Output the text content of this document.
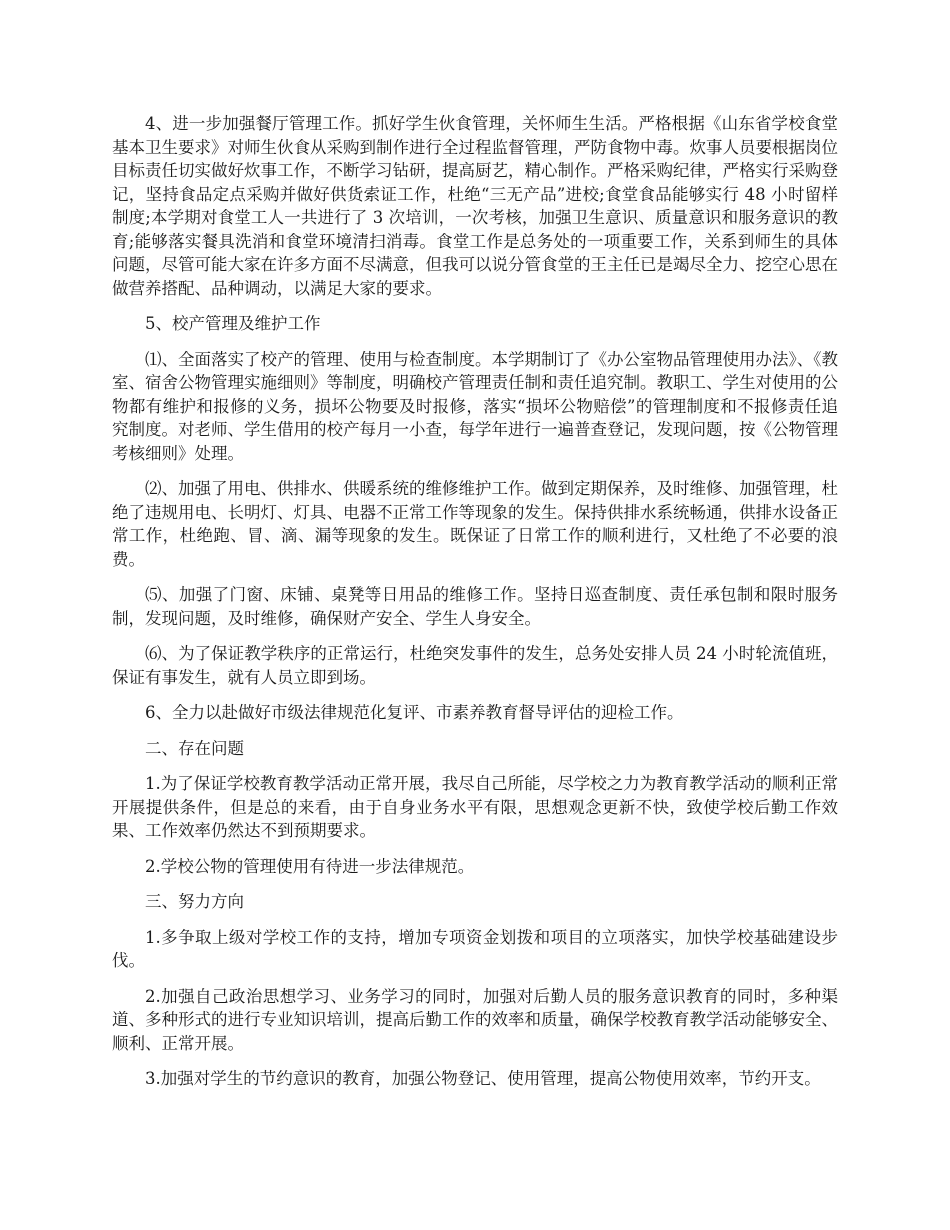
4、进一步加强餐厅管理工作。抓好学生伙食管理，关怀师生生活。严格根据《山东省学校食堂基本卫生要求》对师生伙食从采购到制作进行全过程监督管理，严防食物中毒。炊事人员要根据岗位目标责任切实做好炊事工作，不断学习钻研，提高厨艺，精心制作。严格采购纪律，严格实行采购登记，坚持食品定点采购并做好供货索证工作，杜绝“三无产品”进校;食堂食品能够实行 48 小时留样制度;本学期对食堂工人一共进行了 3 次培训，一次考核，加强卫生意识、质量意识和服务意识的教育;能够落实餐具洗消和食堂环境清扫消毒。食堂工作是总务处的一项重要工作，关系到师生的具体问题，尽管可能大家在许多方面不尽满意，但我可以说分管食堂的王主任已是竭尽全力、挖空心思在做营养搭配、品种调动，以满足大家的要求。

5、校产管理及维护工作

⑴、全面落实了校产的管理、使用与检查制度。本学期制订了《办公室物品管理使用办法》、《教室、宿舍公物管理实施细则》等制度，明确校产管理责任制和责任追究制。教职工、学生对使用的公物都有维护和报修的义务，损坏公物要及时报修，落实“损坏公物赔偿”的管理制度和不报修责任追究制度。对老师、学生借用的校产每月一小查，每学年进行一遍普查登记，发现问题，按《公物管理考核细则》处理。

⑵、加强了用电、供排水、供暖系统的维修维护工作。做到定期保养，及时维修、加强管理，杜绝了违规用电、长明灯、灯具、电器不正常工作等现象的发生。保持供排水系统畅通，供排水设备正常工作，杜绝跑、冒、滴、漏等现象的发生。既保证了日常工作的顺利进行，又杜绝了不必要的浪费。

⑸、加强了门窗、床铺、桌凳等日用品的维修工作。坚持日巡查制度、责任承包制和限时服务制，发现问题，及时维修，确保财产安全、学生人身安全。

⑹、为了保证教学秩序的正常运行，杜绝突发事件的发生，总务处安排人员 24 小时轮流值班，保证有事发生，就有人员立即到场。

6、全力以赴做好市级法律规范化复评、市素养教育督导评估的迎检工作。

二、存在问题

1.为了保证学校教育教学活动正常开展，我尽自己所能，尽学校之力为教育教学活动的顺利正常开展提供条件，但是总的来看，由于自身业务水平有限，思想观念更新不快，致使学校后勤工作效果、工作效率仍然达不到预期要求。

2.学校公物的管理使用有待进一步法律规范。

三、努力方向

1.多争取上级对学校工作的支持，增加专项资金划拨和项目的立项落实，加快学校基础建设步伐。

2.加强自己政治思想学习、业务学习的同时，加强对后勤人员的服务意识教育的同时，多种渠道、多种形式的进行专业知识培训，提高后勤工作的效率和质量，确保学校教育教学活动能够安全、顺利、正常开展。

3.加强对学生的节约意识的教育，加强公物登记、使用管理，提高公物使用效率，节约开支。
